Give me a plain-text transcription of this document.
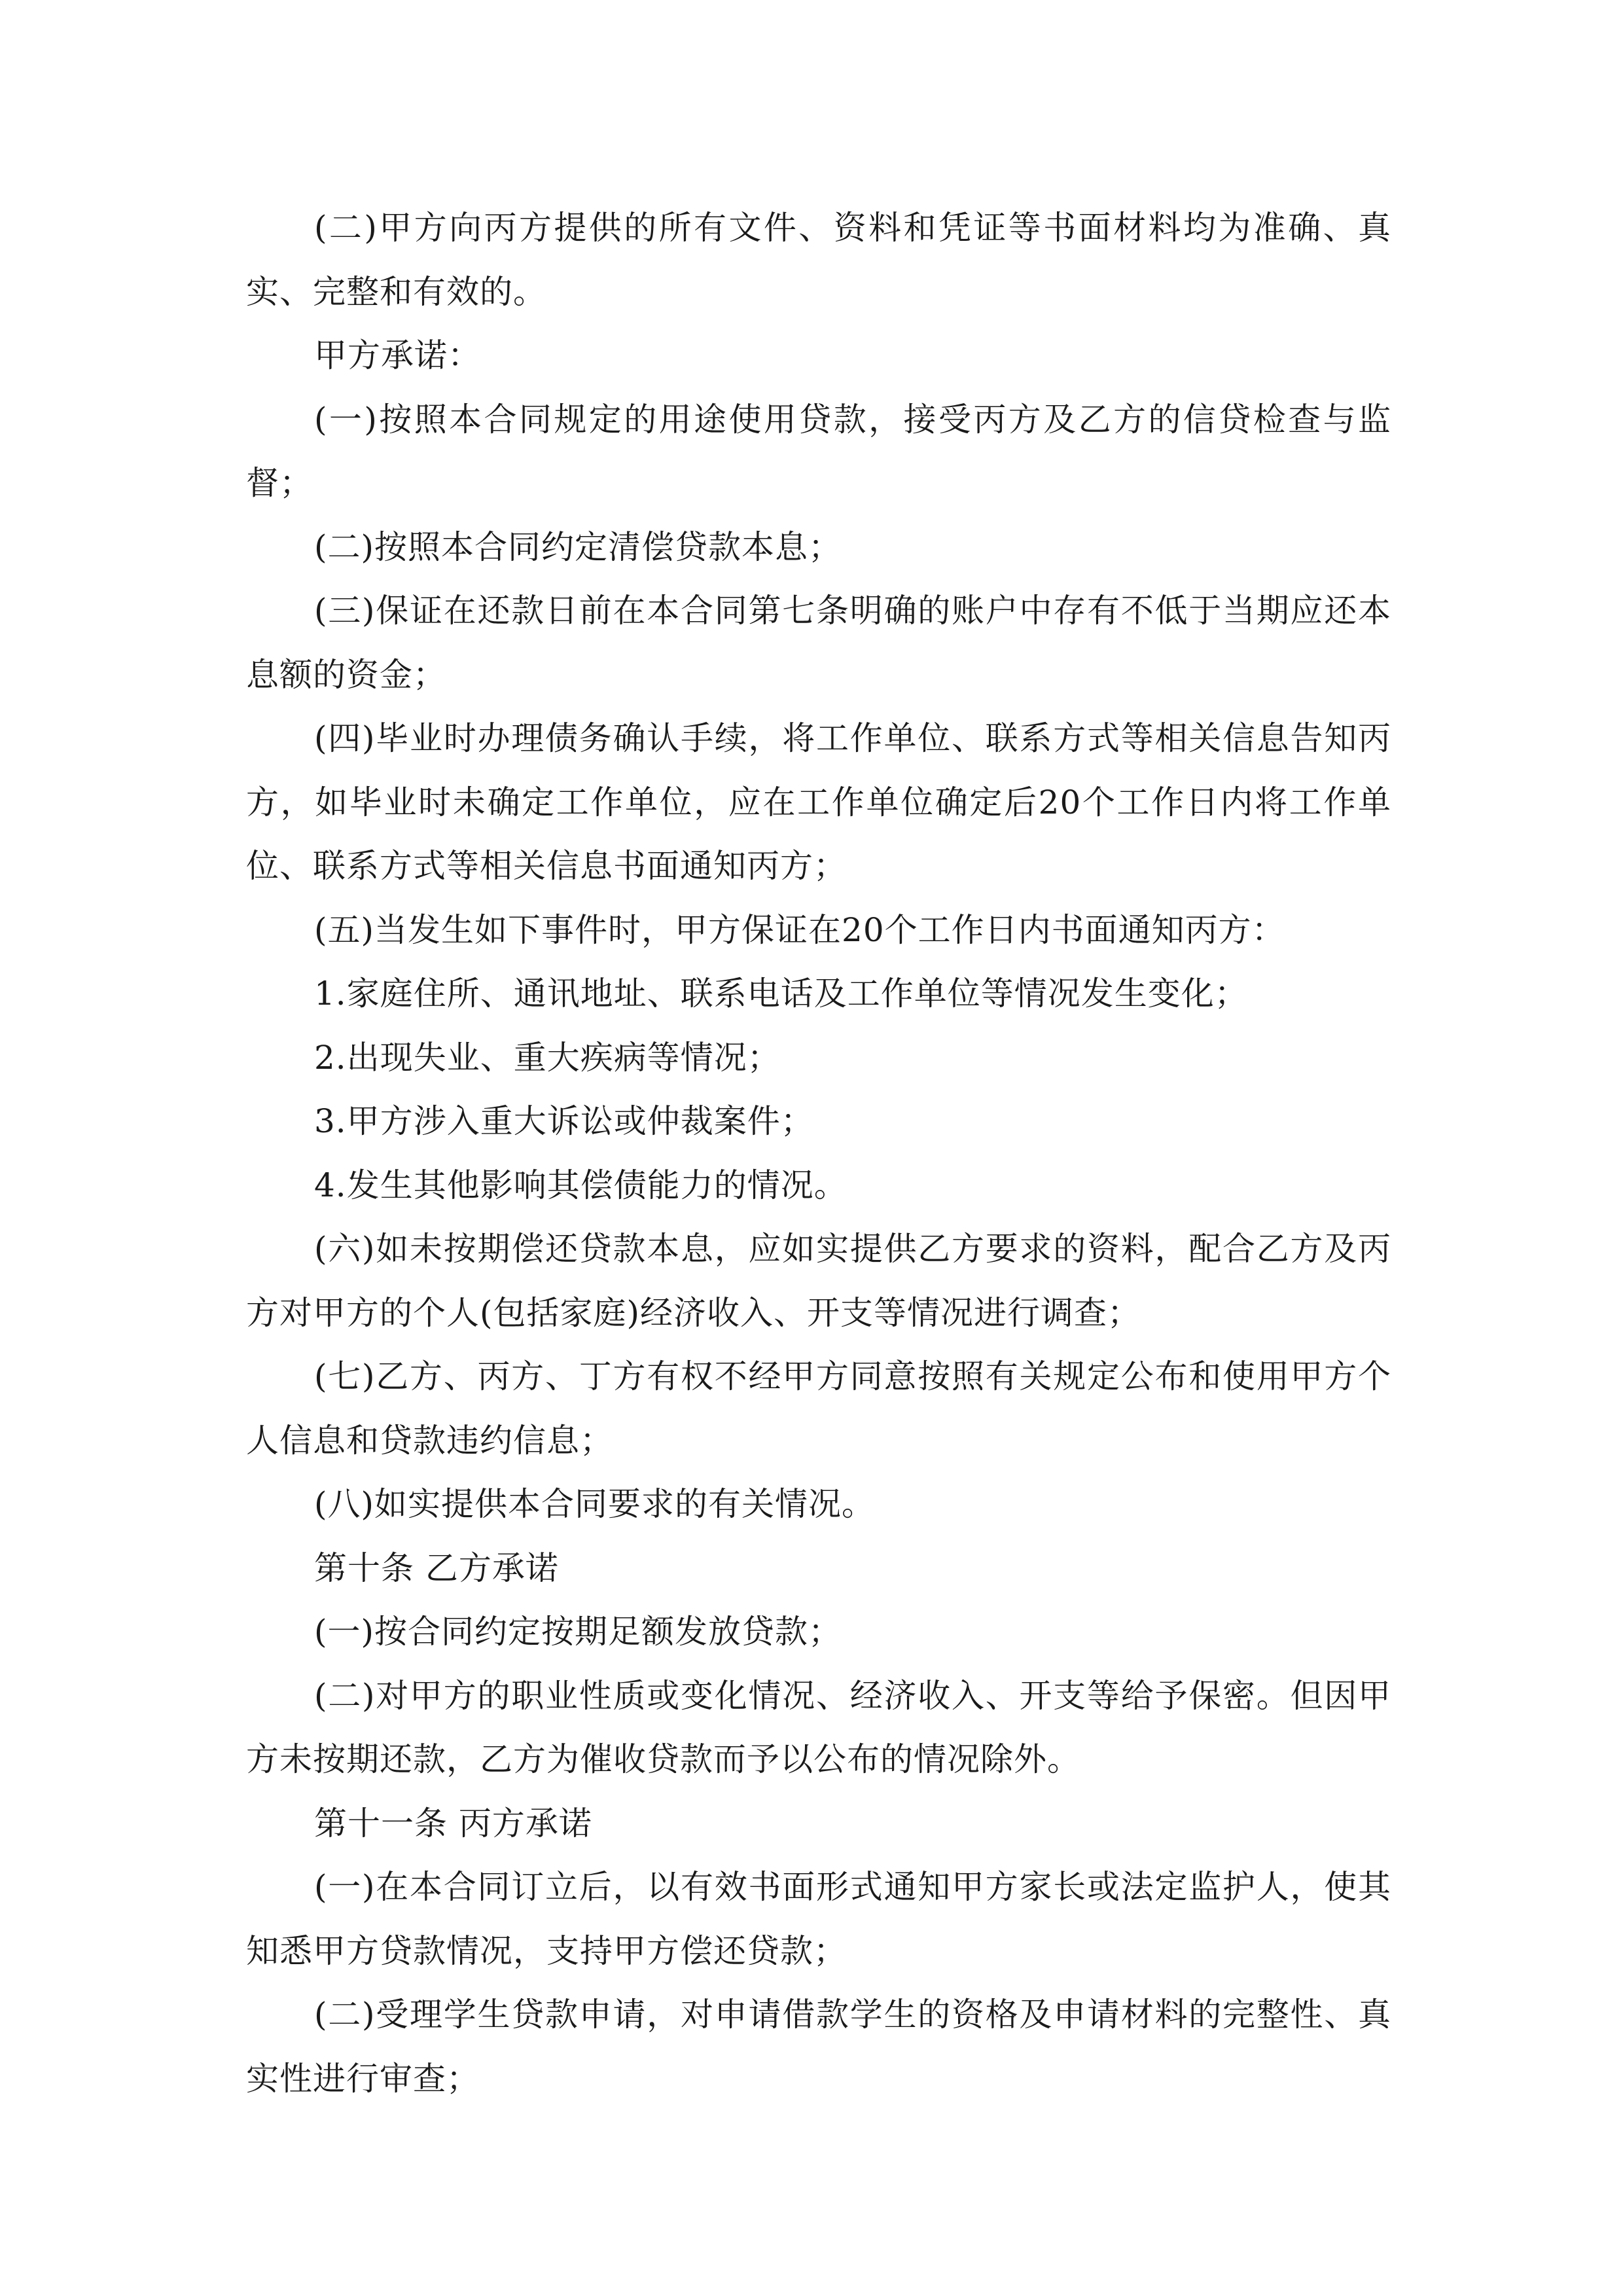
(二)甲方向丙方提供的所有文件、资料和凭证等书面材料均为准确、真实、完整和有效的。

甲方承诺：

(一)按照本合同规定的用途使用贷款，接受丙方及乙方的信贷检查与监督；

(二)按照本合同约定清偿贷款本息；

(三)保证在还款日前在本合同第七条明确的账户中存有不低于当期应还本息额的资金；

(四)毕业时办理债务确认手续，将工作单位、联系方式等相关信息告知丙方，如毕业时未确定工作单位，应在工作单位确定后20个工作日内将工作单位、联系方式等相关信息书面通知丙方；

(五)当发生如下事件时，甲方保证在20个工作日内书面通知丙方：

1.家庭住所、通讯地址、联系电话及工作单位等情况发生变化；

2.出现失业、重大疾病等情况；

3.甲方涉入重大诉讼或仲裁案件；

4.发生其他影响其偿债能力的情况。

(六)如未按期偿还贷款本息，应如实提供乙方要求的资料，配合乙方及丙方对甲方的个人(包括家庭)经济收入、开支等情况进行调查；

(七)乙方、丙方、丁方有权不经甲方同意按照有关规定公布和使用甲方个人信息和贷款违约信息；

(八)如实提供本合同要求的有关情况。

第十条 乙方承诺

(一)按合同约定按期足额发放贷款；

(二)对甲方的职业性质或变化情况、经济收入、开支等给予保密。但因甲方未按期还款，乙方为催收贷款而予以公布的情况除外。

第十一条 丙方承诺

(一)在本合同订立后，以有效书面形式通知甲方家长或法定监护人，使其知悉甲方贷款情况，支持甲方偿还贷款；

(二)受理学生贷款申请，对申请借款学生的资格及申请材料的完整性、真实性进行审查；
